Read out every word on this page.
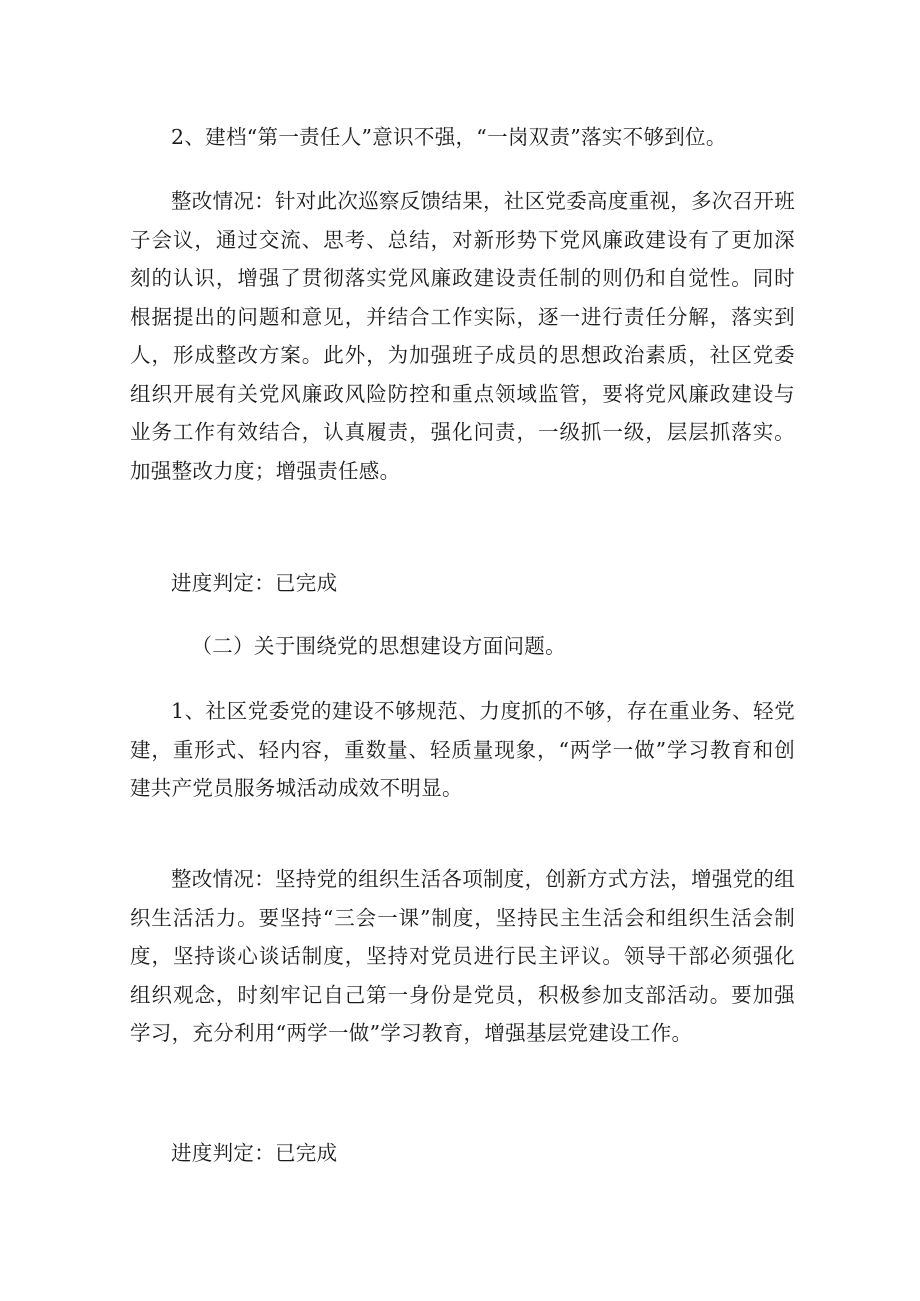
2、建档“第一责任人”意识不强，“一岗双责”落实不够到位。

整改情况：针对此次巡察反馈结果，社区党委高度重视，多次召开班子会议，通过交流、思考、总结，对新形势下党风廉政建设有了更加深刻的认识，增强了贯彻落实党风廉政建设责任制的则仍和自觉性。同时根据提出的问题和意见，并结合工作实际，逐一进行责任分解，落实到人，形成整改方案。此外，为加强班子成员的思想政治素质，社区党委组织开展有关党风廉政风险防控和重点领域监管，要将党风廉政建设与业务工作有效结合，认真履责，强化问责，一级抓一级，层层抓落实。加强整改力度；增强责任感。

进度判定：已完成

（二）关于围绕党的思想建设方面问题。

1、社区党委党的建设不够规范、力度抓的不够，存在重业务、轻党建，重形式、轻内容，重数量、轻质量现象，“两学一做”学习教育和创建共产党员服务城活动成效不明显。

整改情况：坚持党的组织生活各项制度，创新方式方法，增强党的组织生活活力。要坚持“三会一课”制度，坚持民主生活会和组织生活会制度，坚持谈心谈话制度，坚持对党员进行民主评议。领导干部必须强化组织观念，时刻牢记自己第一身份是党员，积极参加支部活动。要加强学习，充分利用“两学一做”学习教育，增强基层党建设工作。

进度判定：已完成
